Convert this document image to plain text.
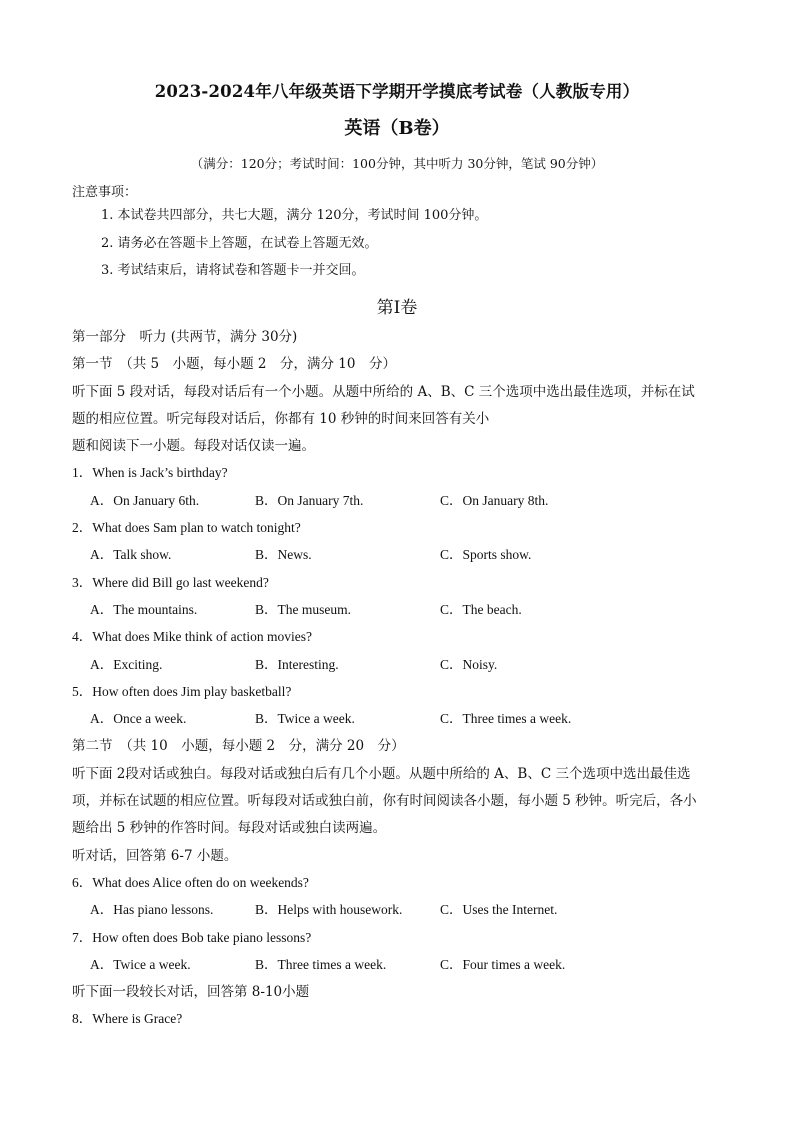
2023-2024年八年级英语下学期开学摸底考试卷（人教版专用）
英语（B卷）
（满分：120分；考试时间：100分钟，其中听力 30分钟，笔试 90分钟）
注意事项：
1. 本试卷共四部分，共七大题，满分 120分，考试时间 100分钟。
2. 请务必在答题卡上答题，在试卷上答题无效。
3. 考试结束后，请将试卷和答题卡一并交回。
第I卷
第一部分　听力 (共两节，满分 30分)
第一节　（共 5　小题，每小题 2　分，满分 10　分）
听下面 5 段对话，每段对话后有一个小题。从题中所给的 A、B、C 三个选项中选出最佳选项，并标在试
题的相应位置。听完每段对话后，你都有 10 秒钟的时间来回答有关小
题和阅读下一小题。每段对话仅读一遍。
1．When is Jack’s birthday?
A．On January 6th.	B．On January 7th.	C．On January 8th.
2．What does Sam plan to watch tonight?
A．Talk show.	B．News.	C．Sports show.
3．Where did Bill go last weekend?
A．The mountains.	B．The museum.	C．The beach.
4．What does Mike think of action movies?
A．Exciting.	B．Interesting.	C．Noisy.
5．How often does Jim play basketball?
A．Once a week.	B．Twice a week.	C．Three times a week.
第二节　（共 10　小题，每小题 2　分，满分 20　分）
听下面 2段对话或独白。每段对话或独白后有几个小题。从题中所给的 A、B、C 三个选项中选出最佳选
项，并标在试题的相应位置。听每段对话或独白前，你有时间阅读各小题，每小题 5 秒钟。听完后，各小
题给出 5 秒钟的作答时间。每段对话或独白读两遍。
听对话，回答第 6-7 小题。
6．What does Alice often do on weekends?
A．Has piano lessons.	B．Helps with housework.	C．Uses the Internet.
7．How often does Bob take piano lessons?
A．Twice a week.	B．Three times a week.	C．Four times a week.
听下面一段较长对话，回答第 8-10小题
8．Where is Grace?
